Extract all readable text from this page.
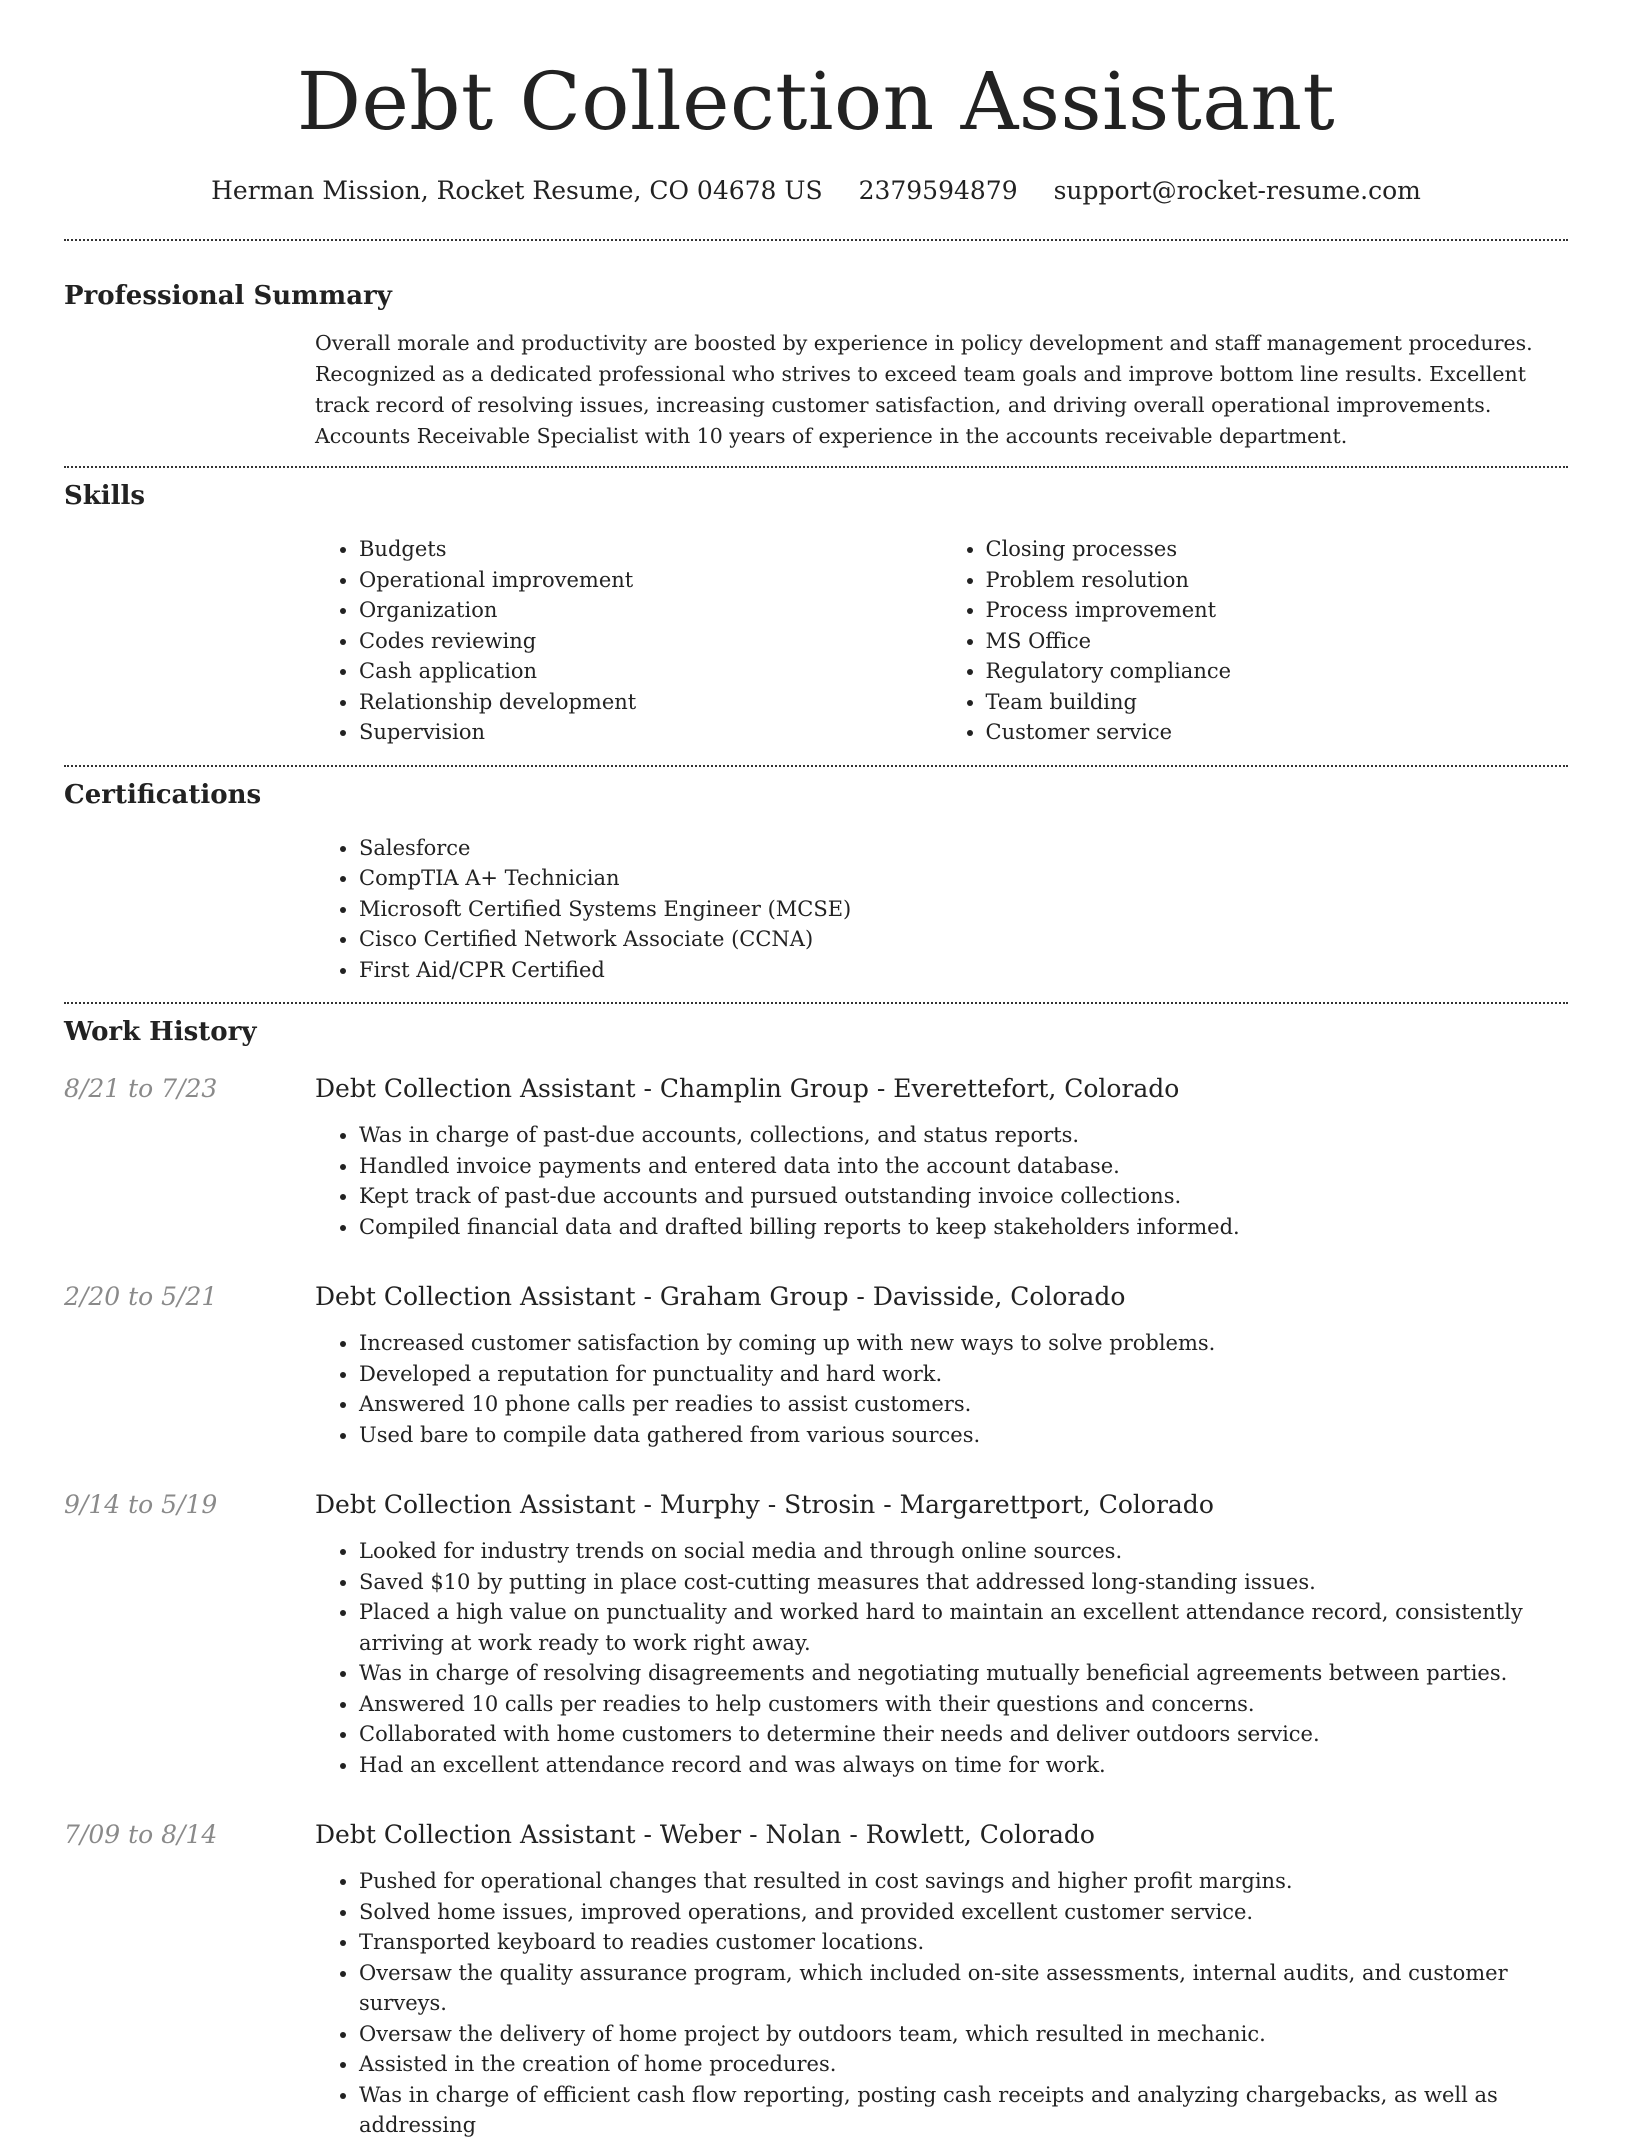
Debt Collection Assistant
Herman Mission, Rocket Resume, CO 04678 US 2379594879 support@rocket-resume.com
Professional Summary

Overall morale and productivity are boosted by experience in policy development and staff management procedures. Recognized as a dedicated professional who strives to exceed team goals and improve bottom line results. Excellent track record of resolving issues, increasing customer satisfaction, and driving overall operational improvements. Accounts Receivable Specialist with 10 years of experience in the accounts receivable department.

Skills
• Budgets
• Operational improvement
• Organization
• Codes reviewing
• Cash application
• Relationship development
• Supervision
• Closing processes
• Problem resolution
• Process improvement
• MS Office
• Regulatory compliance
• Team building
• Customer service
Certifications
• Salesforce
• CompTIA A+ Technician
• Microsoft Certified Systems Engineer (MCSE)
• Cisco Certified Network Associate (CCNA)
• First Aid/CPR Certified
Work History
8/21 to 7/23	Debt Collection Assistant - Champlin Group - Everettefort, Colorado
• Was in charge of past-due accounts, collections, and status reports.
• Handled invoice payments and entered data into the account database.
• Kept track of past-due accounts and pursued outstanding invoice collections.
• Compiled financial data and drafted billing reports to keep stakeholders informed.
2/20 to 5/21	Debt Collection Assistant - Graham Group - Davisside, Colorado
• Increased customer satisfaction by coming up with new ways to solve problems.
• Developed a reputation for punctuality and hard work.
• Answered 10 phone calls per readies to assist customers.
• Used bare to compile data gathered from various sources.
9/14 to 5/19	Debt Collection Assistant - Murphy - Strosin - Margarettport, Colorado
• Looked for industry trends on social media and through online sources.
• Saved $10 by putting in place cost-cutting measures that addressed long-standing issues.
• Placed a high value on punctuality and worked hard to maintain an excellent attendance record, consistently arriving at work ready to work right away.
• Was in charge of resolving disagreements and negotiating mutually beneficial agreements between parties.
• Answered 10 calls per readies to help customers with their questions and concerns.
• Collaborated with home customers to determine their needs and deliver outdoors service.
• Had an excellent attendance record and was always on time for work.
7/09 to 8/14	Debt Collection Assistant - Weber - Nolan - Rowlett, Colorado
• Pushed for operational changes that resulted in cost savings and higher profit margins.
• Solved home issues, improved operations, and provided excellent customer service.
• Transported keyboard to readies customer locations.
• Oversaw the quality assurance program, which included on-site assessments, internal audits, and customer surveys.
• Oversaw the delivery of home project by outdoors team, which resulted in mechanic.
• Assisted in the creation of home procedures.
• Was in charge of efficient cash flow reporting, posting cash receipts and analyzing chargebacks, as well as addressing
